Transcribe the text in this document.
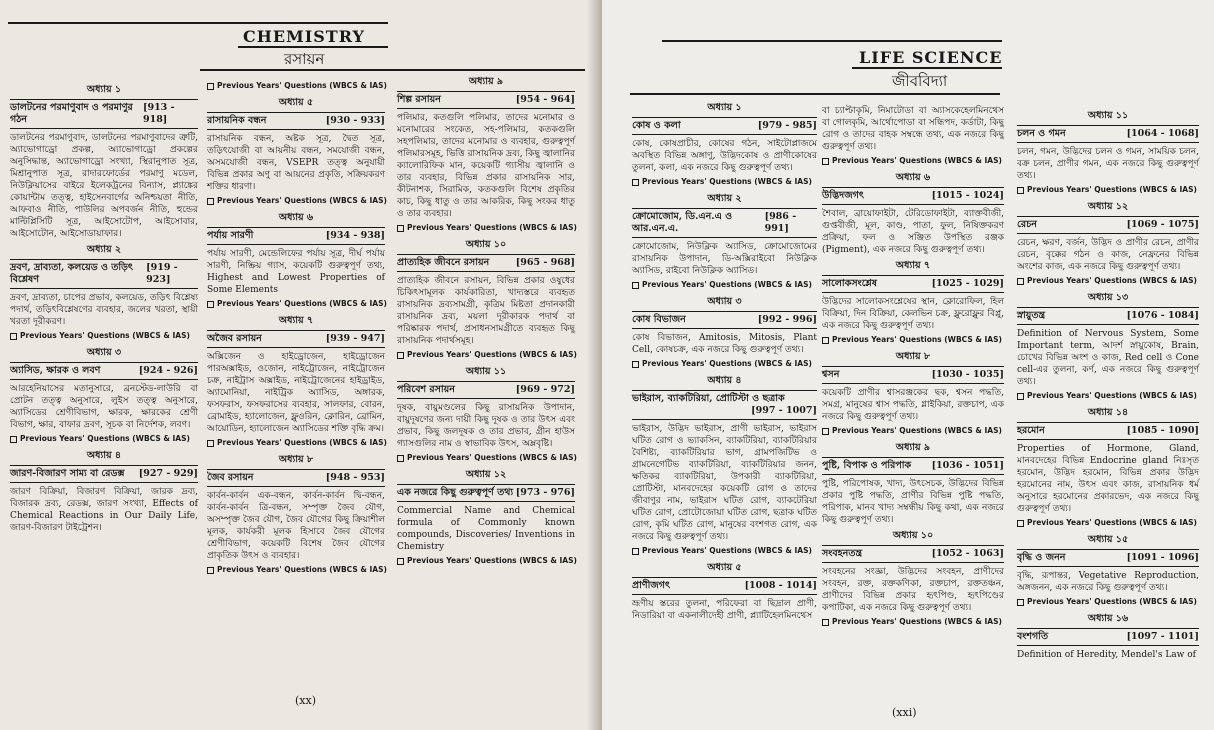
CHEMISTRY
রসায়ন
অধ্যায় ১
ডালটনের পরমাণুবাদ ও পরমাণুর গঠন
[913 - 918]
ডালটনের পরমাণুবাদ, ডালটনের পরমাণুবাদের ত্রুটি, অ্যাভোগাড্রো প্রকল্প, অ্যাভোগাড্রো প্রকল্পের অনুসিদ্ধান্ত, অ্যাভোগাড্রো সংখ্যা, স্থিরানুপাত সূত্র, মিশ্রানুপাত সূত্র, রাদারফোর্ডের পরমাণু মডেল, নিউক্লিয়াসের বাইরে ইলেকট্রনের বিন্যাস, প্ল্যাঙ্কের কোয়ান্টাম তত্ত্ব, হাইসেনবার্গের অনিশ্চয়তা নীতি, আফবাও নীতি, পাউলির অপবর্জন নীতি, হুন্ডের মাল্টিপ্লিসিটি সূত্র, আইসোটোপ, আইসোবার, আইসোটোন, আইসোডায়াফার।
অধ্যায় ২
দ্রবণ, দ্রাব্যতা, কলয়েড ও তড়িৎ বিশ্লেষণ
[919 - 923]
দ্রবণ, দ্রাব্যতা, চাপের প্রভাব, কলয়েড, তড়িৎ বিশ্লেষ্য পদার্থ, তড়িৎবিশ্লেষণের ব্যবহার, জলের খরতা, স্থায়ী খরতা দূরীকরণ।
Previous Years' Questions (WBCS & IAS)
অধ্যায় ৩
অ্যাসিড, ক্ষারক ও লবণ	[924 - 926]
আরহেনিয়াসের মতানুসারে, ব্রনস্টেড-লাউরি বা প্রোটন তত্ত্ব অনুসারে, লুইস তত্ত্ব অনুসারে, অ্যাসিডের শ্রেণীবিভাগ, ক্ষারক, ক্ষারকের শ্রেণী বিভাগ, ক্ষার, বাফার দ্রবণ, সূচক বা নির্দেশক, লবণ।
Previous Years' Questions (WBCS & IAS)
অধ্যায় ৪
জারণ-বিজারণ সাম্য বা রেডক্স [927 - 929]
জারণ বিক্রিয়া, বিজারণ বিক্রিয়া, জারক দ্রব্য, বিজারক দ্রব্য, রেডক্স, জারণ সংখ্যা, Effects of Chemical Reactions in Our Daily Life, জারণ-বিজারণ টাইট্রেশন।
Previous Years' Questions (WBCS & IAS)
অধ্যায় ৫
রাসায়নিক বন্ধন	[930 - 933]
রাসায়নিক বন্ধন, অষ্টক সূত্র, দ্বৈত সূত্র, তড়িৎযোজী বা আয়নীয় বন্ধন, সমযোজী বন্ধন, অসমযোজী বন্ধন, VSEPR তত্ত্ব অনুযায়ী বিভিন্ন প্রকার অণু বা আয়নের প্রকৃতি, সক্রিয়করণ শক্তির ধারণা।
Previous Years' Questions (WBCS & IAS)
অধ্যায় ৬
পর্যায় সারণী	[934 - 938]
পর্যায় সারণী, মেন্ডেলিফের পর্যায় সূত্র, দীর্ঘ পর্যায় সারণী, নিষ্ক্রিয় গ্যাস, কয়েকটি গুরুত্বপূর্ণ তথ্য, Highest and Lowest Properties of Some Elements
Previous Years' Questions (WBCS & IAS)
অধ্যায় ৭
অজৈব রসায়ন	[939 - 947]
অক্সিজেন ও হাইড্রোজেন, হাইড্রোজেন পারঅক্সাইড, ওজোন, নাইট্রোজেন, নাইট্রোজেন চক্র, নাইট্রাস অক্সাইড, নাইট্রোজেনের হাইড্রাইড, অ্যামোনিয়া, নাইট্রিক অ্যাসিড, অঙ্গারক, ফসফরাস, ফসফরাসের ব্যবহার, সালফার, বোরন, ব্রোমাইড, হ্যালোজেন, ফ্লুওরিন, ক্লোরিন, ব্রোমিন, আয়োডিন, হ্যালোজেন অ্যাসিডের শক্তি বৃদ্ধি ক্রম।
Previous Years' Questions (WBCS & IAS)
অধ্যায় ৮
জৈব রসায়ন	[948 - 953]
কার্বন-কার্বন এক-বন্ধন, কার্বন-কার্বন দ্বি-বন্ধন, কার্বন-কার্বন ত্রি-বন্ধন, সম্পৃক্ত জৈব যৌগ, অসম্পৃক্ত জৈব যৌগ, জৈব যৌগের কিছু ক্রিয়াশীল মূলক, কার্যকরী মূলক হিসাবে জৈব যৌগের শ্রেণীবিভাগ, কয়েকটি বিশেষ জৈব যৌগের প্রাকৃতিক উৎস ও ব্যবহার।
Previous Years' Questions (WBCS & IAS)
অধ্যায় ৯
শিল্প রসায়ন	[954 - 964]
পলিমার, কতগুলি পলিমার, তাদের মনোমার ও মনোমারের সংকেত, সহ-পলিমার, কতকগুলি সহপলিমার, তাদের মনোমার ও ব্যবহার, গুরুত্বপূর্ণ পলিমারসমূহ, ভিত্তি রাসায়নিক দ্রব্য, কিছু জ্বালানির ক্যালোরিফিক মান, কয়েকটি গ্যাসীয় জ্বালানি ও তার ব্যবহার, বিভিন্ন প্রকার রাসায়নিক সার, কীটনাশক, সিরামিক, কতকগুলি বিশেষ প্রকৃতির কাচ, কিছু ধাতু ও তার আকরিক, কিছু সংকর ধাতু ও তার ব্যবহার।
Previous Years' Questions (WBCS & IAS)
অধ্যায় ১০
প্রাত্যহিক জীবনে রসায়ন	[965 - 968]
প্রাত্যহিক জীবনে রসায়ন, বিভিন্ন প্রকার ওষুধের চিকিৎসামূলক কার্যকারিতা, খাদ্যস্তরে ব্যবহৃত রাসায়নিক দ্রব্যসামগ্রী, কৃত্রিম মিষ্টতা প্রদানকারী রাসায়নিক দ্রব্য, ময়লা দূরীকারক পদার্থ বা পরিষ্কারক পদার্থ, প্রসাধনসামগ্রীতে ব্যবহৃত কিছু রাসায়নিক পদার্থসমূহ।
Previous Years' Questions (WBCS & IAS)
অধ্যায় ১১
পরিবেশ রসায়ন	[969 - 972]
দূষক, বায়ুমণ্ডলের কিছু রাসায়নিক উপাদান, বায়ুদূষণের জন্য দায়ী কিছু দূষক ও তার উৎস এবং প্রভাব, কিছু জলদূষক ও তার প্রভাব, গ্রীন হাউস গ্যাসগুলির নাম ও স্বাভাবিক উৎস, অম্লবৃষ্টি।
Previous Years' Questions (WBCS & IAS)
অধ্যায় ১২
এক নজরে কিছু গুরুত্বপূর্ণ তথ্য [973 - 976]
Commercial Name and Chemical formula of Commonly known compounds, Discoveries/ Inventions in Chemistry
Previous Years' Questions (WBCS & IAS)
(xx)
LIFE SCIENCE
জীববিদ্যা
অধ্যায় ১
কোষ ও কলা	[979 - 985]
কোষ, কোষপ্রাচীর, কোষের গঠন, সাইটোপ্লাজমে অবস্থিত বিভিন্ন অঙ্গাণু, উদ্ভিদকোষ ও প্রাণীকোষের তুলনা, কলা, এক নজরে কিছু গুরুত্বপূর্ণ তথ্য।
Previous Years' Questions (WBCS & IAS)
অধ্যায় ২
ক্রোমোজোম, ডি.এন.এ ও আর.এন.এ.
[986 - 991]
ক্রোমোজোম, নিউক্লিক অ্যাসিড, ক্রোমোজোমের রাসায়নিক উপাদান, ডি-অক্সিরাইবো নিউক্লিক অ্যাসিড, রাইবো নিউক্লিক অ্যাসিড।
Previous Years' Questions (WBCS & IAS)
অধ্যায় ৩
কোষ বিভাজন	[992 - 996]
কোষ বিভাজন, Amitosis, Mitosis, Plant Cell, কোষচক্র, এক নজরে কিছু গুরুত্বপূর্ণ তথ্য।
Previous Years' Questions (WBCS & IAS)
অধ্যায় ৪
ভাইরাস, ব্যাকটিরিয়া, প্রোটিস্টা ও ছত্রাক
[997 - 1007]
ভাইরাস, উদ্ভিদ ভাইরাস, প্রাণী ভাইরাস, ভাইরাস ঘটিত রোগ ও ভ্যাকসিন, ব্যাকটিরিয়া, ব্যাকটিরিয়ার বৈশিষ্ট্য, ব্যাকটিরিয়ার ভাগ, গ্রামপজিটিভ ও গ্রামনেগেটিভ ব্যাকটিরিয়া, ব্যাকটিরিয়ার জনন, ক্ষতিকর ব্যাকটিরিয়া, উপকারী ব্যাকটিরিয়া, প্রোটিস্টা, মানবদেহের কয়েকটি রোগ ও তাদের জীবাণুর নাম, ভাইরাস ঘটিত রোগ, ব্যাকটেরিয়া ঘটিত রোগ, প্রোটোজোয়া ঘটিত রোগ, ছত্রাক ঘটিত রোগ, কৃমি ঘটিত রোগ, মানুষের বংশগত রোগ, এক নজরে কিছু গুরুত্বপূর্ণ তথ্য।
Previous Years' Questions (WBCS & IAS)
অধ্যায় ৫
প্রাণীজগৎ	[1008 - 1014]
ভ্রূণীয় স্তরের তুলনা, পরিফেরা বা ছিদ্রাল প্রাণী, নিডারিয়া বা একনালীদেহী প্রাণী, প্ল্যাটিহেলমিনথেস
বা চ্যাপ্টাকৃমি, নিমাটোডা বা অ্যাসকেহেলমিনথেস বা গোলকৃমি, আর্থোপোডা বা সন্ধিপদ, কর্ডাটা, কিছু রোগ ও তাদের বাহক সম্বন্ধে তথ্য, এক নজরে কিছু গুরুত্বপূর্ণ তথ্য।
Previous Years' Questions (WBCS & IAS)
অধ্যায় ৬
উদ্ভিদজগৎ	[1015 - 1024]
শৈবাল, ব্রায়োফাইটা, টেরিডোফাইটা, ব্যাক্তবীজী, গুপ্তবীজী, মূল, কাণ্ড, পাতা, ফুল, নিষিক্তকরণ প্রক্রিয়া, ফল ও সঞ্জিত উপস্থিত রঞ্জক (Pigment), এক নজরে কিছু গুরুত্বপূর্ণ তথ্য।
অধ্যায় ৭
সালোকসংশ্লেষ	[1025 - 1029]
উদ্ভিদের সালোকসংশ্লেষের স্থান, ক্লোরোফিল, হিল বিক্রিয়া, দিন বিক্রিয়া, কেলভিন চক্র, ফ্লুরোফ্লুর বিপ্লু, এক নজরে কিছু গুরুত্বপূর্ণ তথ্য।
Previous Years' Questions (WBCS & IAS)
অধ্যায় ৮
শ্বসন	[1030 - 1035]
কয়েকটি প্রাণীর শ্বাসরঞ্জকের ছক, শ্বসন পদ্ধতি, সমগ্র, মানুষের শ্বাস পদ্ধতি, গ্লাইকিয়া, রক্তচাপ, এক নজরে কিছু গুরুত্বপূর্ণ তথ্য।
Previous Years' Questions (WBCS & IAS)
অধ্যায় ৯
পুষ্টি, বিপাক ও পরিপাক [1036 - 1051]
পুষ্টি, পরিপোষক, খাদ্য, উৎসেচক, উদ্ভিদের বিভিন্ন প্রকার পুষ্টি পদ্ধতি, প্রাণীর বিভিন্ন পুষ্টি পদ্ধতি, পরিপাক, মানব খাদ্য সম্বন্ধীয় কিছু কথা, এক নজরে কিছু গুরুত্বপূর্ণ তথ্য।
অধ্যায় ১০
সংবহনতন্ত্র	[1052 - 1063]
সংবহনের সংজ্ঞা, উদ্ভিদের সংবহন, প্রাণীদের সংবহন, রক্ত, রক্তকণিকা, রক্তচাপ, রক্ততঞ্চন, প্রাণীদের বিভিন্ন প্রকার হৃৎপিণ্ড, হৃৎপিণ্ডের কপাটিকা, এক নজরে কিছু গুরুত্বপূর্ণ তথ্য।
Previous Years' Questions (WBCS & IAS)
অধ্যায় ১১
চলন ও গমন	[1064 - 1068]
চলন, গমন, উদ্ভিদের চলন ও গমন, সাময়িক চলন, বক্র চলন, প্রাণীর গমন, এক নজরে কিছু গুরুত্বপূর্ণ তথ্য।
Previous Years' Questions (WBCS & IAS)
অধ্যায় ১২
রেচন	[1069 - 1075]
রেচন, ক্ষরণ, বর্জন, উদ্ভিদ ও প্রাণীর রেচন, প্রাণীর রেচন, বৃক্কের গঠন ও কাজ, নেফ্রনের বিভিন্ন অংশের কাজ, এক নজরে কিছু গুরুত্বপূর্ণ তথ্য।
Previous Years' Questions (WBCS & IAS)
অধ্যায় ১৩
স্নায়ুতন্ত্র	[1076 - 1084]
Definition of Nervous System, Some Important term, আদর্শ স্নায়ুকোষ, Brain, চোখের বিভিন্ন অংশ ও কাজ, Red cell ও Cone cell-এর তুলনা, কর্ণ, এক নজরে কিছু গুরুত্বপূর্ণ তথ্য।
Previous Years' Questions (WBCS & IAS)
অধ্যায় ১৪
হরমোন	[1085 - 1090]
Properties of Hormone, Gland, মানবদেহের বিভিন্ন Endocrine gland নিঃসৃত হরমোন, উদ্ভিদ হরমোন, বিভিন্ন প্রকার উদ্ভিদ হরমোনের নাম, উৎস এবং কাজ, রাসায়নিক ধর্ম অনুসারে হরমোনের প্রকারভেদ, এক নজরে কিছু গুরুত্বপূর্ণ তথ্য।
Previous Years' Questions (WBCS & IAS)
অধ্যায় ১৫
বৃদ্ধি ও জনন	[1091 - 1096]
বৃদ্ধি, রূপান্তর, Vegetative Reproduction, অঙ্গজনন, এক নজরে কিছু গুরুত্বপূর্ণ তথ্য।
Previous Years' Questions (WBCS & IAS)
অধ্যায় ১৬
বংশগতি	[1097 - 1101]
Definition of Heredity, Mendel's Law of
(xxi)
